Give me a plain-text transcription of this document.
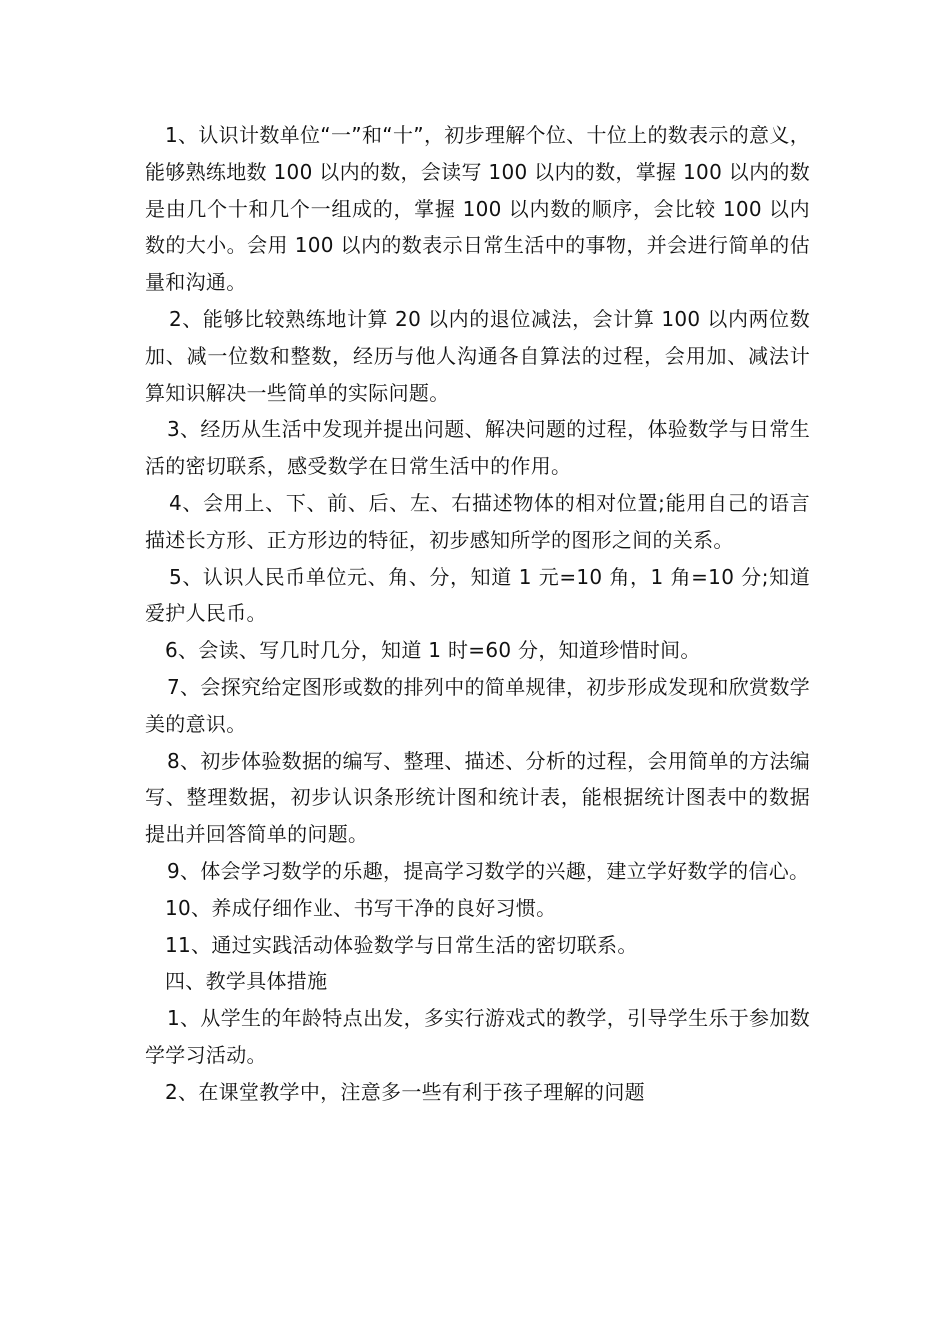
1、认识计数单位“一”和“十”，初步理解个位、十位上的数表示的意义，能够熟练地数 100 以内的数，会读写 100 以内的数，掌握 100 以内的数是由几个十和几个一组成的，掌握 100 以内数的顺序，会比较 100 以内数的大小。会用 100 以内的数表示日常生活中的事物，并会进行简单的估量和沟通。

2、能够比较熟练地计算 20 以内的退位减法，会计算 100 以内两位数加、减一位数和整数，经历与他人沟通各自算法的过程，会用加、减法计算知识解决一些简单的实际问题。

3、经历从生活中发现并提出问题、解决问题的过程，体验数学与日常生活的密切联系，感受数学在日常生活中的作用。

4、会用上、下、前、后、左、右描述物体的相对位置;能用自己的语言描述长方形、正方形边的特征，初步感知所学的图形之间的关系。

5、认识人民币单位元、角、分，知道 1 元=10 角，1 角=10 分;知道爱护人民币。

6、会读、写几时几分，知道 1 时=60 分，知道珍惜时间。

7、会探究给定图形或数的排列中的简单规律，初步形成发现和欣赏数学美的意识。

8、初步体验数据的编写、整理、描述、分析的过程，会用简单的方法编写、整理数据，初步认识条形统计图和统计表，能根据统计图表中的数据提出并回答简单的问题。

9、体会学习数学的乐趣，提高学习数学的兴趣，建立学好数学的信心。

10、养成仔细作业、书写干净的良好习惯。

11、通过实践活动体验数学与日常生活的密切联系。

四、教学具体措施

1、从学生的年龄特点出发，多实行游戏式的教学，引导学生乐于参加数学学习活动。

2、在课堂教学中，注意多一些有利于孩子理解的问题
